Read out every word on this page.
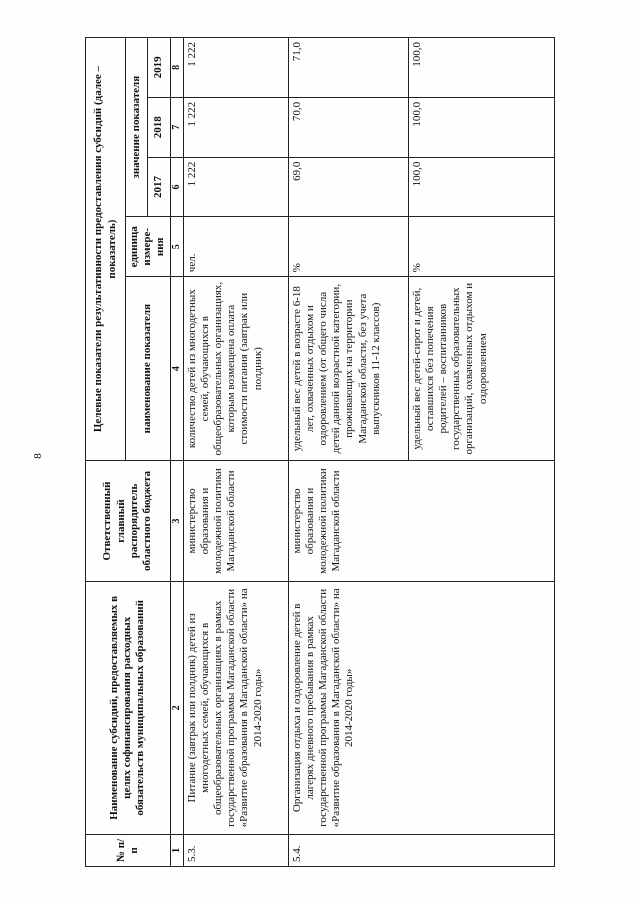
8
№ п/п	Наименование субсидий, предоставляемых в целях софинансирования расходных обязательств муниципальных образований	Ответственный главный распорядитель областного бюджета	Целевые показатели результативности предоставления субсидий (далее – показатель)				
			наименование показателя	единица измере-ния	значение показателя		
					2017	2018	2019
1	2	3	4	5	6	7	8
5.3.	Питание (завтрак или полдник) детей из многодетных семей, обучающихся в общеобразовательных организациях в рамках государственной программы Магаданской области «Развитие образования в Магаданской области» на 2014-2020 годы»	министерство образования и молодежной политики Магаданской области	количество детей из многодетных семей, обучающихся в общеобразовательных организациях, которым возмещена оплата стоимости питания (завтрак или полдник)	чел.	1 222	1 222	1 222
5.4.	Организация отдыха и оздоровление детей в лагерях дневного пребывания в рамках государственной программы Магаданской области «Развитие образования в Магаданской области» на 2014-2020 годы»	министерство образования и молодежной политики Магаданской области	удельный вес детей в возрасте 6-18 лет, охваченных отдыхом и оздоровлением (от общего числа детей данной возрастной категории, проживающих на территории Магаданской области, без учета выпускников 11-12 классов)	%	69,0	70,0	71,0
			удельный вес детей-сирот и детей, оставшихся без попечения родителей – воспитанников государственных образовательных организаций, охваченных отдыхом и оздоровлением	%	100,0	100,0	100,0
